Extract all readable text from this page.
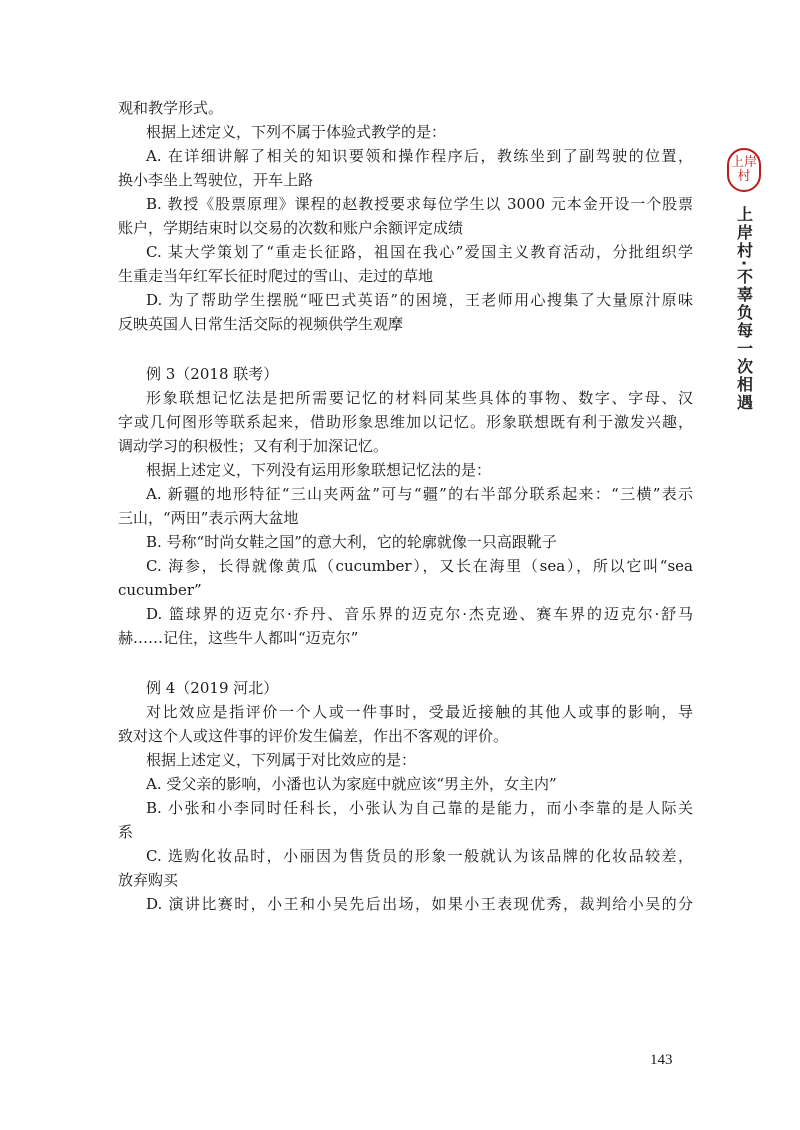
观和教学形式。
根据上述定义，下列不属于体验式教学的是：
A. 在详细讲解了相关的知识要领和操作程序后，教练坐到了副驾驶的位置，
换小李坐上驾驶位，开车上路
B. 教授《股票原理》课程的赵教授要求每位学生以 3000 元本金开设一个股票
账户，学期结束时以交易的次数和账户余额评定成绩
C. 某大学策划了“重走长征路，祖国在我心”爱国主义教育活动，分批组织学
生重走当年红军长征时爬过的雪山、走过的草地
D. 为了帮助学生摆脱“哑巴式英语”的困境，王老师用心搜集了大量原汁原味
反映英国人日常生活交际的视频供学生观摩
例 3（2018 联考）
形象联想记忆法是把所需要记忆的材料同某些具体的事物、数字、字母、汉
字或几何图形等联系起来，借助形象思维加以记忆。形象联想既有利于激发兴趣，
调动学习的积极性；又有利于加深记忆。
根据上述定义，下列没有运用形象联想记忆法的是：
A. 新疆的地形特征“三山夹两盆”可与“疆”的右半部分联系起来：“三横”表示
三山，“两田”表示两大盆地
B. 号称“时尚女鞋之国”的意大利，它的轮廓就像一只高跟靴子
C. 海参，长得就像黄瓜（cucumber），又长在海里（sea），所以它叫“sea
cucumber”
D. 篮球界的迈克尔·乔丹、音乐界的迈克尔·杰克逊、赛车界的迈克尔·舒马
赫……记住，这些牛人都叫“迈克尔”
例 4（2019 河北）
对比效应是指评价一个人或一件事时，受最近接触的其他人或事的影响，导
致对这个人或这件事的评价发生偏差，作出不客观的评价。
根据上述定义，下列属于对比效应的是：
A. 受父亲的影响，小潘也认为家庭中就应该“男主外，女主内”
B. 小张和小李同时任科长，小张认为自己靠的是能力，而小李靠的是人际关
系
C. 选购化妆品时，小丽因为售货员的形象一般就认为该品牌的化妆品较差，
放弃购买
D. 演讲比赛时，小王和小吴先后出场，如果小王表现优秀，裁判给小吴的分
上岸村
上岸村·不辜负每一次相遇
143
